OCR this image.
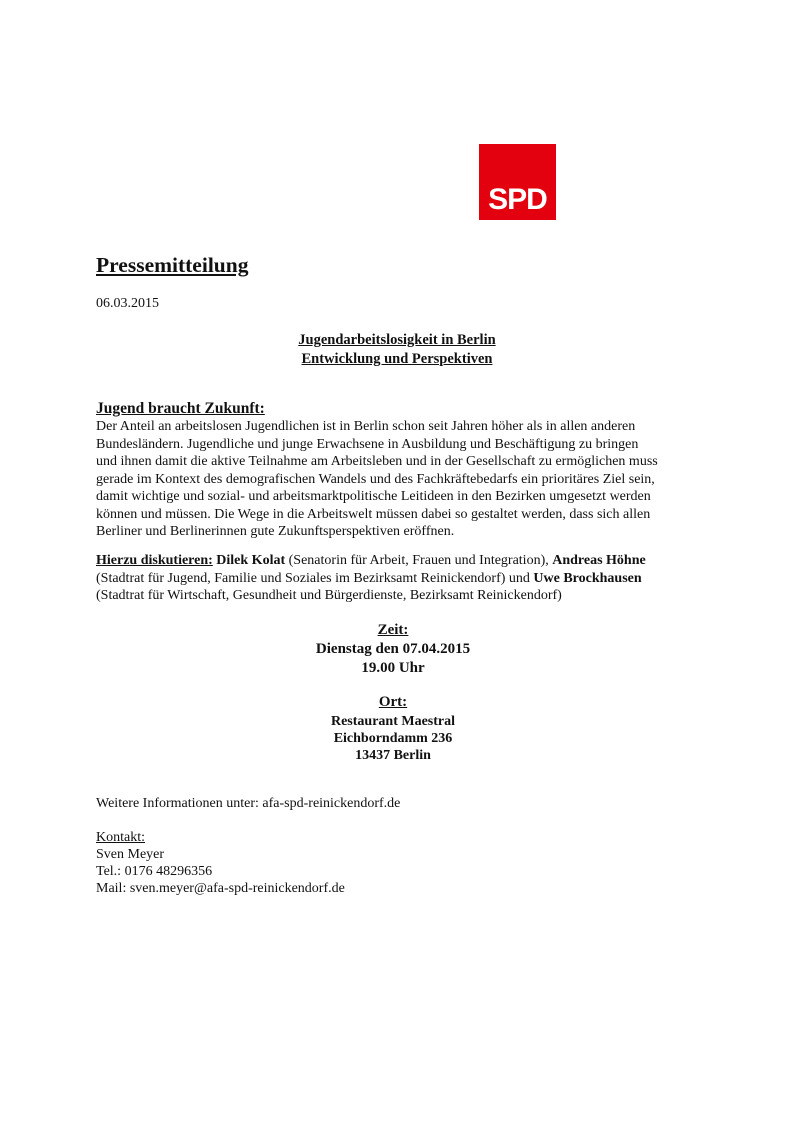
SPD
Pressemitteilung
06.03.2015
Jugendarbeitslosigkeit in Berlin
Entwicklung und Perspektiven
Jugend braucht Zukunft:
Der Anteil an arbeitslosen Jugendlichen ist in Berlin schon seit Jahren höher als in allen anderen
Bundesländern. Jugendliche und junge Erwachsene in Ausbildung und Beschäftigung zu bringen
und ihnen damit die aktive Teilnahme am Arbeitsleben und in der Gesellschaft zu ermöglichen muss
gerade im Kontext des demografischen Wandels und des Fachkräftebedarfs ein prioritäres Ziel sein,
damit wichtige und sozial- und arbeitsmarktpolitische Leitideen in den Bezirken umgesetzt werden
können und müssen. Die Wege in die Arbeitswelt müssen dabei so gestaltet werden, dass sich allen
Berliner und Berlinerinnen gute Zukunftsperspektiven eröffnen.
Hierzu diskutieren: Dilek Kolat (Senatorin für Arbeit, Frauen und Integration), Andreas Höhne
(Stadtrat für Jugend, Familie und Soziales im Bezirksamt Reinickendorf) und Uwe Brockhausen
(Stadtrat für Wirtschaft, Gesundheit und Bürgerdienste, Bezirksamt Reinickendorf)
Zeit:
Dienstag den 07.04.2015
19.00 Uhr
Ort:
Restaurant Maestral
Eichborndamm 236
13437 Berlin
Weitere Informationen unter: afa-spd-reinickendorf.de
Kontakt:
Sven Meyer
Tel.: 0176 48296356
Mail: sven.meyer@afa-spd-reinickendorf.de
